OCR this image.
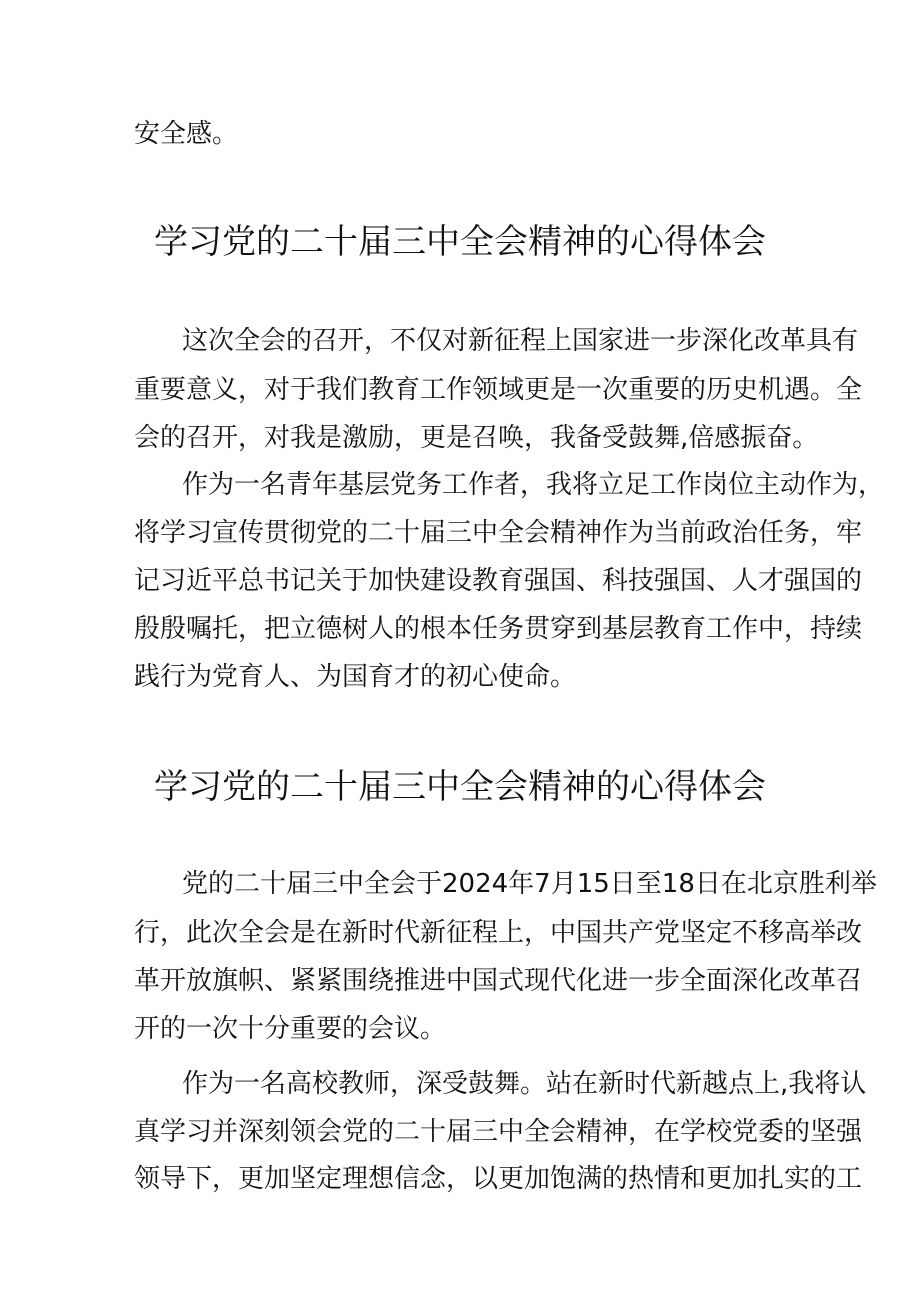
安全感。
学习党的二十届三中全会精神的心得体会
这次全会的召开，不仅对新征程上国家进一步深化改革具有
重要意义，对于我们教育工作领域更是一次重要的历史机遇。全
会的召开，对我是激励，更是召唤，我备受鼓舞,倍感振奋。
作为一名青年基层党务工作者，我将立足工作岗位主动作为，
将学习宣传贯彻党的二十届三中全会精神作为当前政治任务，牢
记习近平总书记关于加快建设教育强国、科技强国、人才强国的
殷殷嘱托，把立德树人的根本任务贯穿到基层教育工作中，持续
践行为党育人、为国育才的初心使命。
学习党的二十届三中全会精神的心得体会
党的二十届三中全会于2024年7月15日至18日在北京胜利举
行，此次全会是在新时代新征程上，中国共产党坚定不移高举改
革开放旗帜、紧紧围绕推进中国式现代化进一步全面深化改革召
开的一次十分重要的会议。
作为一名高校教师，深受鼓舞。站在新时代新越点上,我将认
真学习并深刻领会党的二十届三中全会精神，在学校党委的坚强
领导下，更加坚定理想信念，以更加饱满的热情和更加扎实的工
